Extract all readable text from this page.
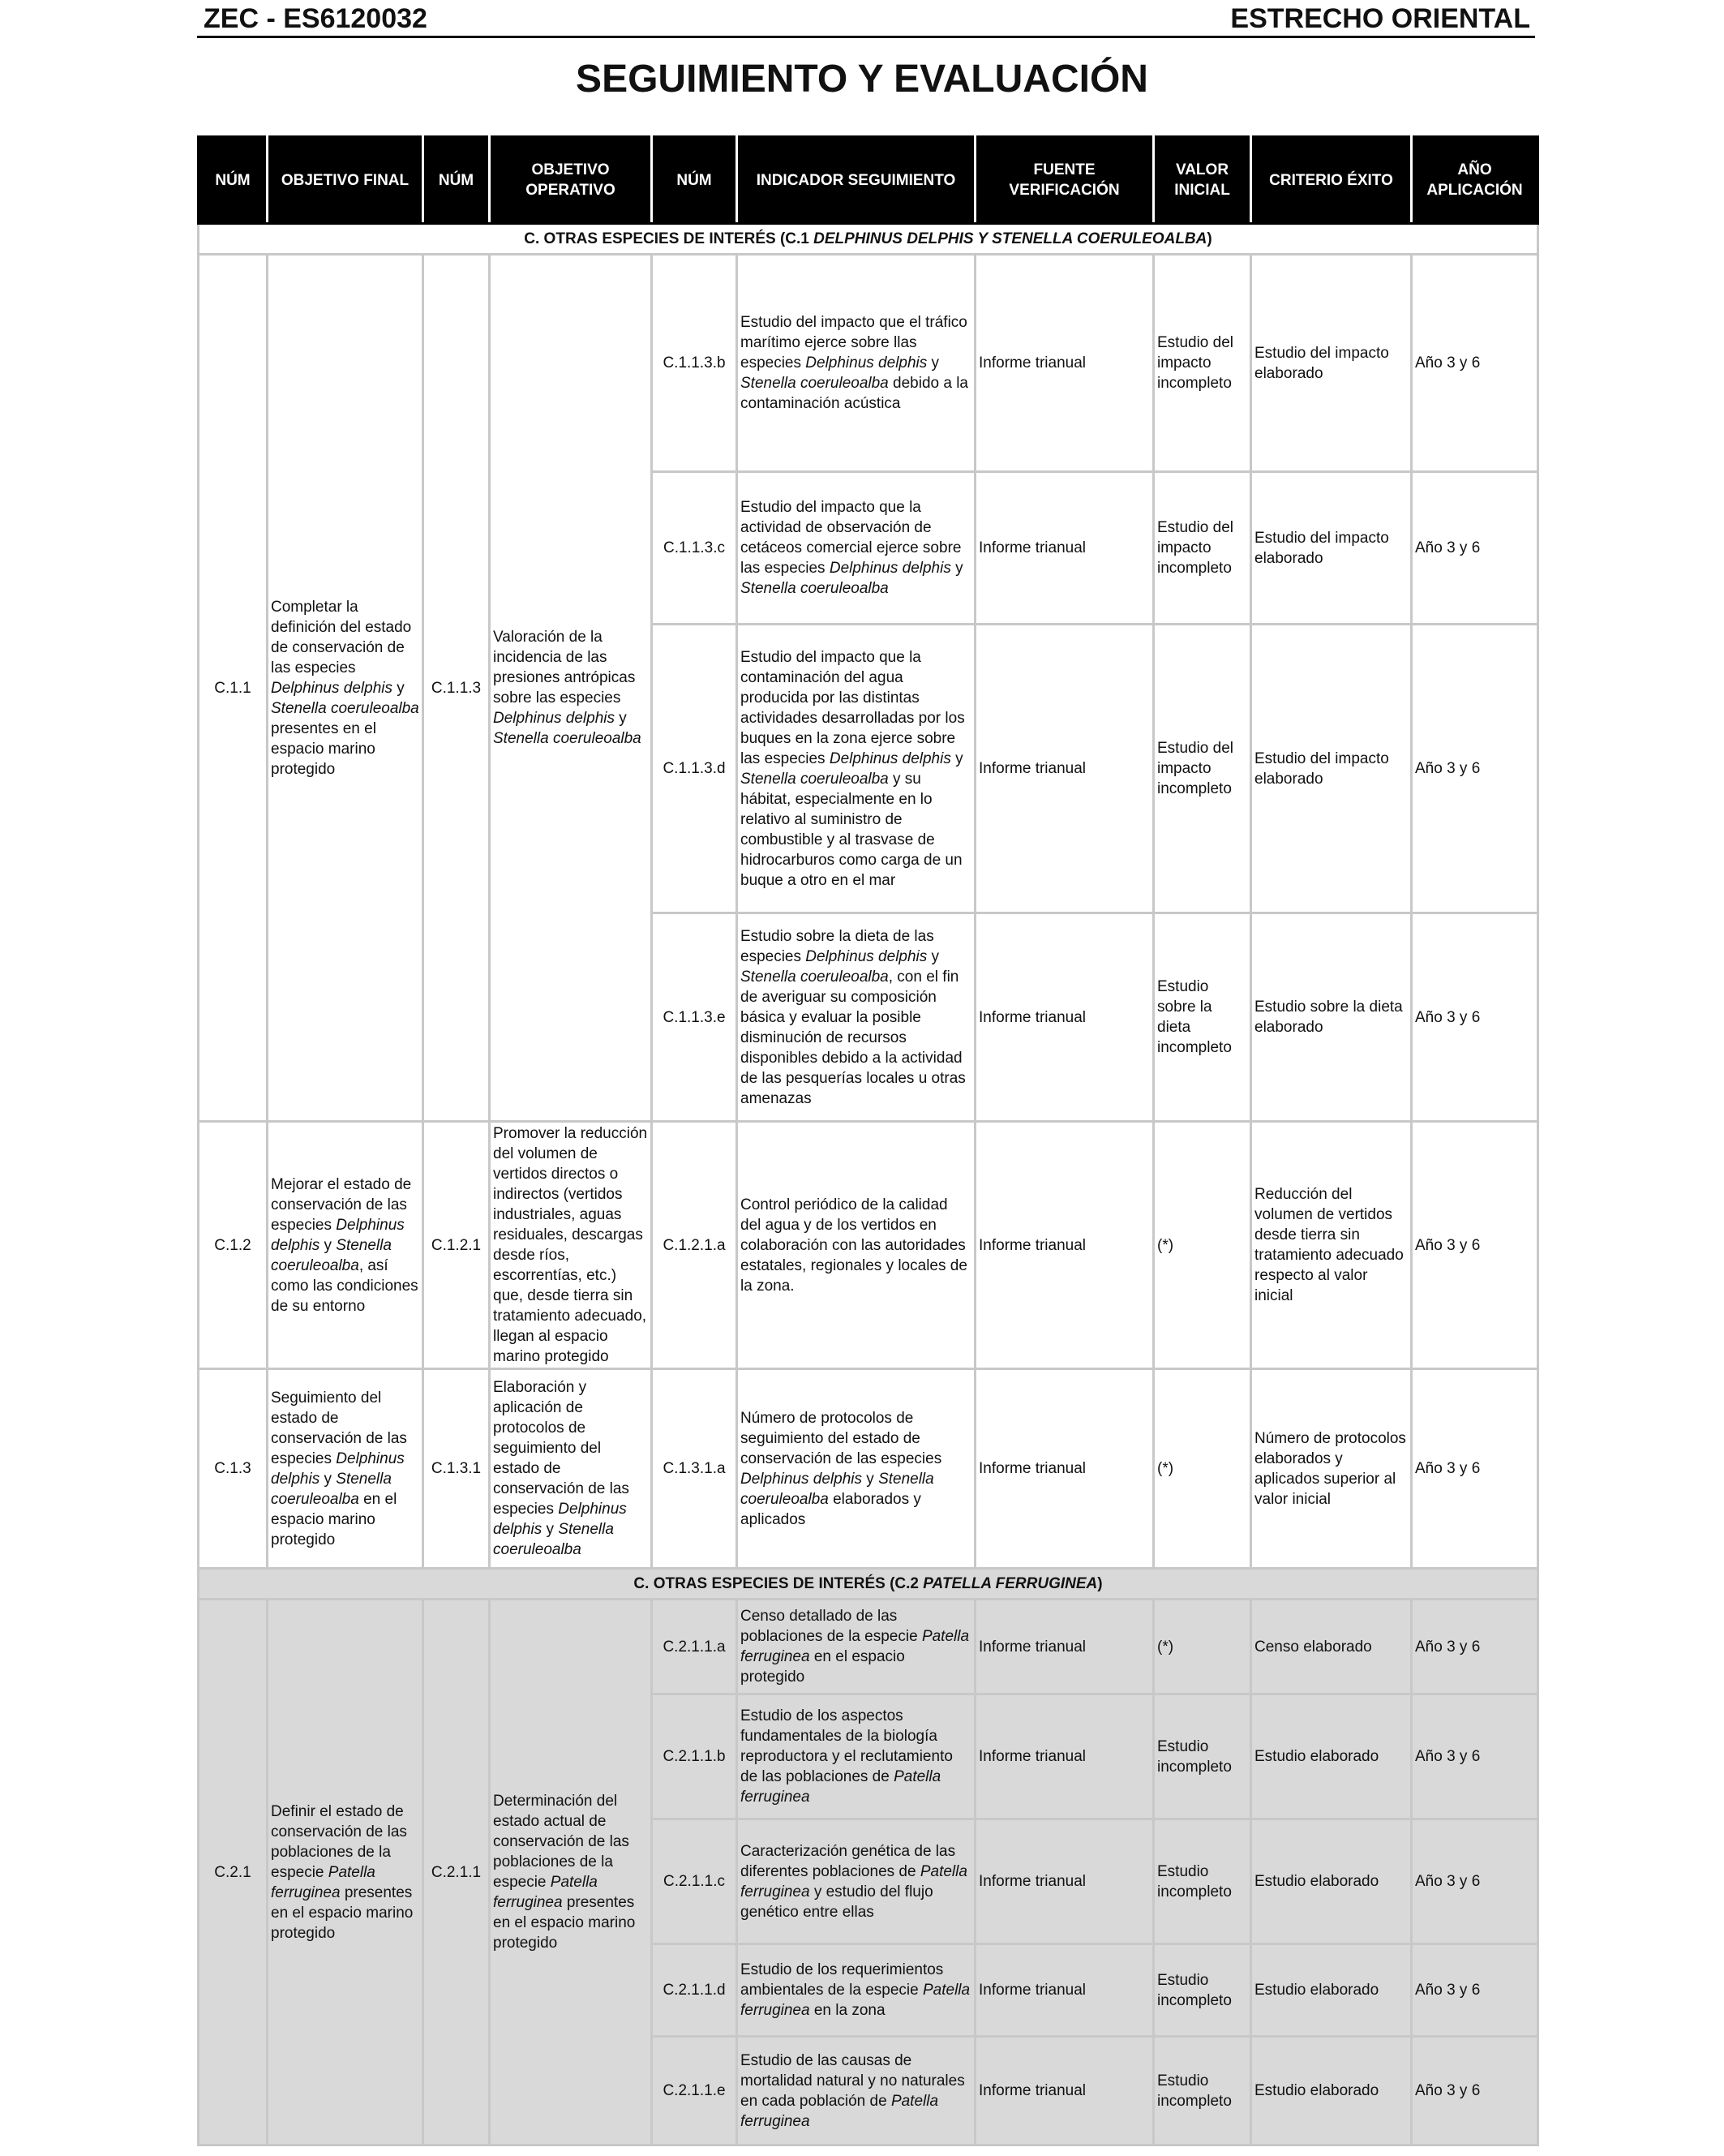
ZEC - ES6120032	ESTRECHO ORIENTAL
SEGUIMIENTO Y EVALUACIÓN
NÚM	OBJETIVO FINAL	NÚM	OBJETIVO OPERATIVO	NÚM	INDICADOR SEGUIMIENTO	FUENTE VERIFICACIÓN	VALOR INICIAL	CRITERIO ÉXITO	AÑO APLICACIÓN
C. OTRAS ESPECIES DE INTERÉS (C.1 DELPHINUS DELPHIS Y STENELLA COERULEOALBA)									
C.1.1	Completar la definición del estado de conservación de las especies Delphinus delphis y Stenella coeruleoalba presentes en el espacio marino protegido	C.1.1.3	Valoración de la incidencia de las presiones antrópicas sobre las especies Delphinus delphis y Stenella coeruleoalba	C.1.1.3.b	Estudio del impacto que el tráfico marítimo ejerce sobre llas especies Delphinus delphis y Stenella coeruleoalba debido a la contaminación acústica	Informe trianual	Estudio del impacto incompleto	Estudio del impacto elaborado	Año 3 y 6
				C.1.1.3.c	Estudio del impacto que la actividad de observación de cetáceos comercial ejerce sobre las especies Delphinus delphis y Stenella coeruleoalba	Informe trianual	Estudio del impacto incompleto	Estudio del impacto elaborado	Año 3 y 6
				C.1.1.3.d	Estudio del impacto que la contaminación del agua producida por las distintas actividades desarrolladas por los buques en la zona ejerce sobre las especies Delphinus delphis y Stenella coeruleoalba y su hábitat, especialmente en lo relativo al suministro de combustible y al trasvase de hidrocarburos como carga de un buque a otro en el mar	Informe trianual	Estudio del impacto incompleto	Estudio del impacto elaborado	Año 3 y 6
				C.1.1.3.e	Estudio sobre la dieta de las especies Delphinus delphis y Stenella coeruleoalba, con el fin de averiguar su composición básica y evaluar la posible disminución de recursos disponibles debido a la actividad de las pesquerías locales u otras amenazas	Informe trianual	Estudio sobre la dieta incompleto	Estudio sobre la dieta elaborado	Año 3 y 6
C.1.2	Mejorar el estado de conservación de las especies Delphinus delphis y Stenella coeruleoalba, así como las condiciones de su entorno	C.1.2.1	Promover la reducción del volumen de vertidos directos o indirectos (vertidos industriales, aguas residuales, descargas desde ríos, escorrentías, etc.) que, desde tierra sin tratamiento adecuado, llegan al espacio marino protegido	C.1.2.1.a	Control periódico de la calidad del agua y de los vertidos en colaboración con las autoridades estatales, regionales y locales de la zona.	Informe trianual	(*)	Reducción del volumen de vertidos desde tierra sin tratamiento adecuado respecto al valor inicial	Año 3 y 6
C.1.3	Seguimiento del estado de conservación de las especies Delphinus delphis y Stenella coeruleoalba en el espacio marino protegido	C.1.3.1	Elaboración y aplicación de protocolos de seguimiento del estado de conservación de las especies Delphinus delphis y Stenella coeruleoalba	C.1.3.1.a	Número de protocolos de seguimiento del estado de conservación de las especies Delphinus delphis y Stenella coeruleoalba elaborados y aplicados	Informe trianual	(*)	Número de protocolos elaborados y aplicados superior al valor inicial	Año 3 y 6
C. OTRAS ESPECIES DE INTERÉS (C.2 PATELLA FERRUGINEA)									
C.2.1	Definir el estado de conservación de las poblaciones de la especie Patella ferruginea presentes en el espacio marino protegido	C.2.1.1	Determinación del estado actual de conservación de las poblaciones de la especie Patella ferruginea presentes en el espacio marino protegido	C.2.1.1.a	Censo detallado de las poblaciones de la especie Patella ferruginea en el espacio protegido	Informe trianual	(*)	Censo elaborado	Año 3 y 6
				C.2.1.1.b	Estudio de los aspectos fundamentales de la biología reproductora y el reclutamiento de las poblaciones de Patella ferruginea	Informe trianual	Estudio incompleto	Estudio elaborado	Año 3 y 6
				C.2.1.1.c	Caracterización genética de las diferentes poblaciones de Patella ferruginea y estudio del flujo genético entre ellas	Informe trianual	Estudio incompleto	Estudio elaborado	Año 3 y 6
				C.2.1.1.d	Estudio de los requerimientos ambientales de la especie Patella ferruginea en la zona	Informe trianual	Estudio incompleto	Estudio elaborado	Año 3 y 6
				C.2.1.1.e	Estudio de las causas de mortalidad natural y no naturales en cada población de Patella ferruginea	Informe trianual	Estudio incompleto	Estudio elaborado	Año 3 y 6
